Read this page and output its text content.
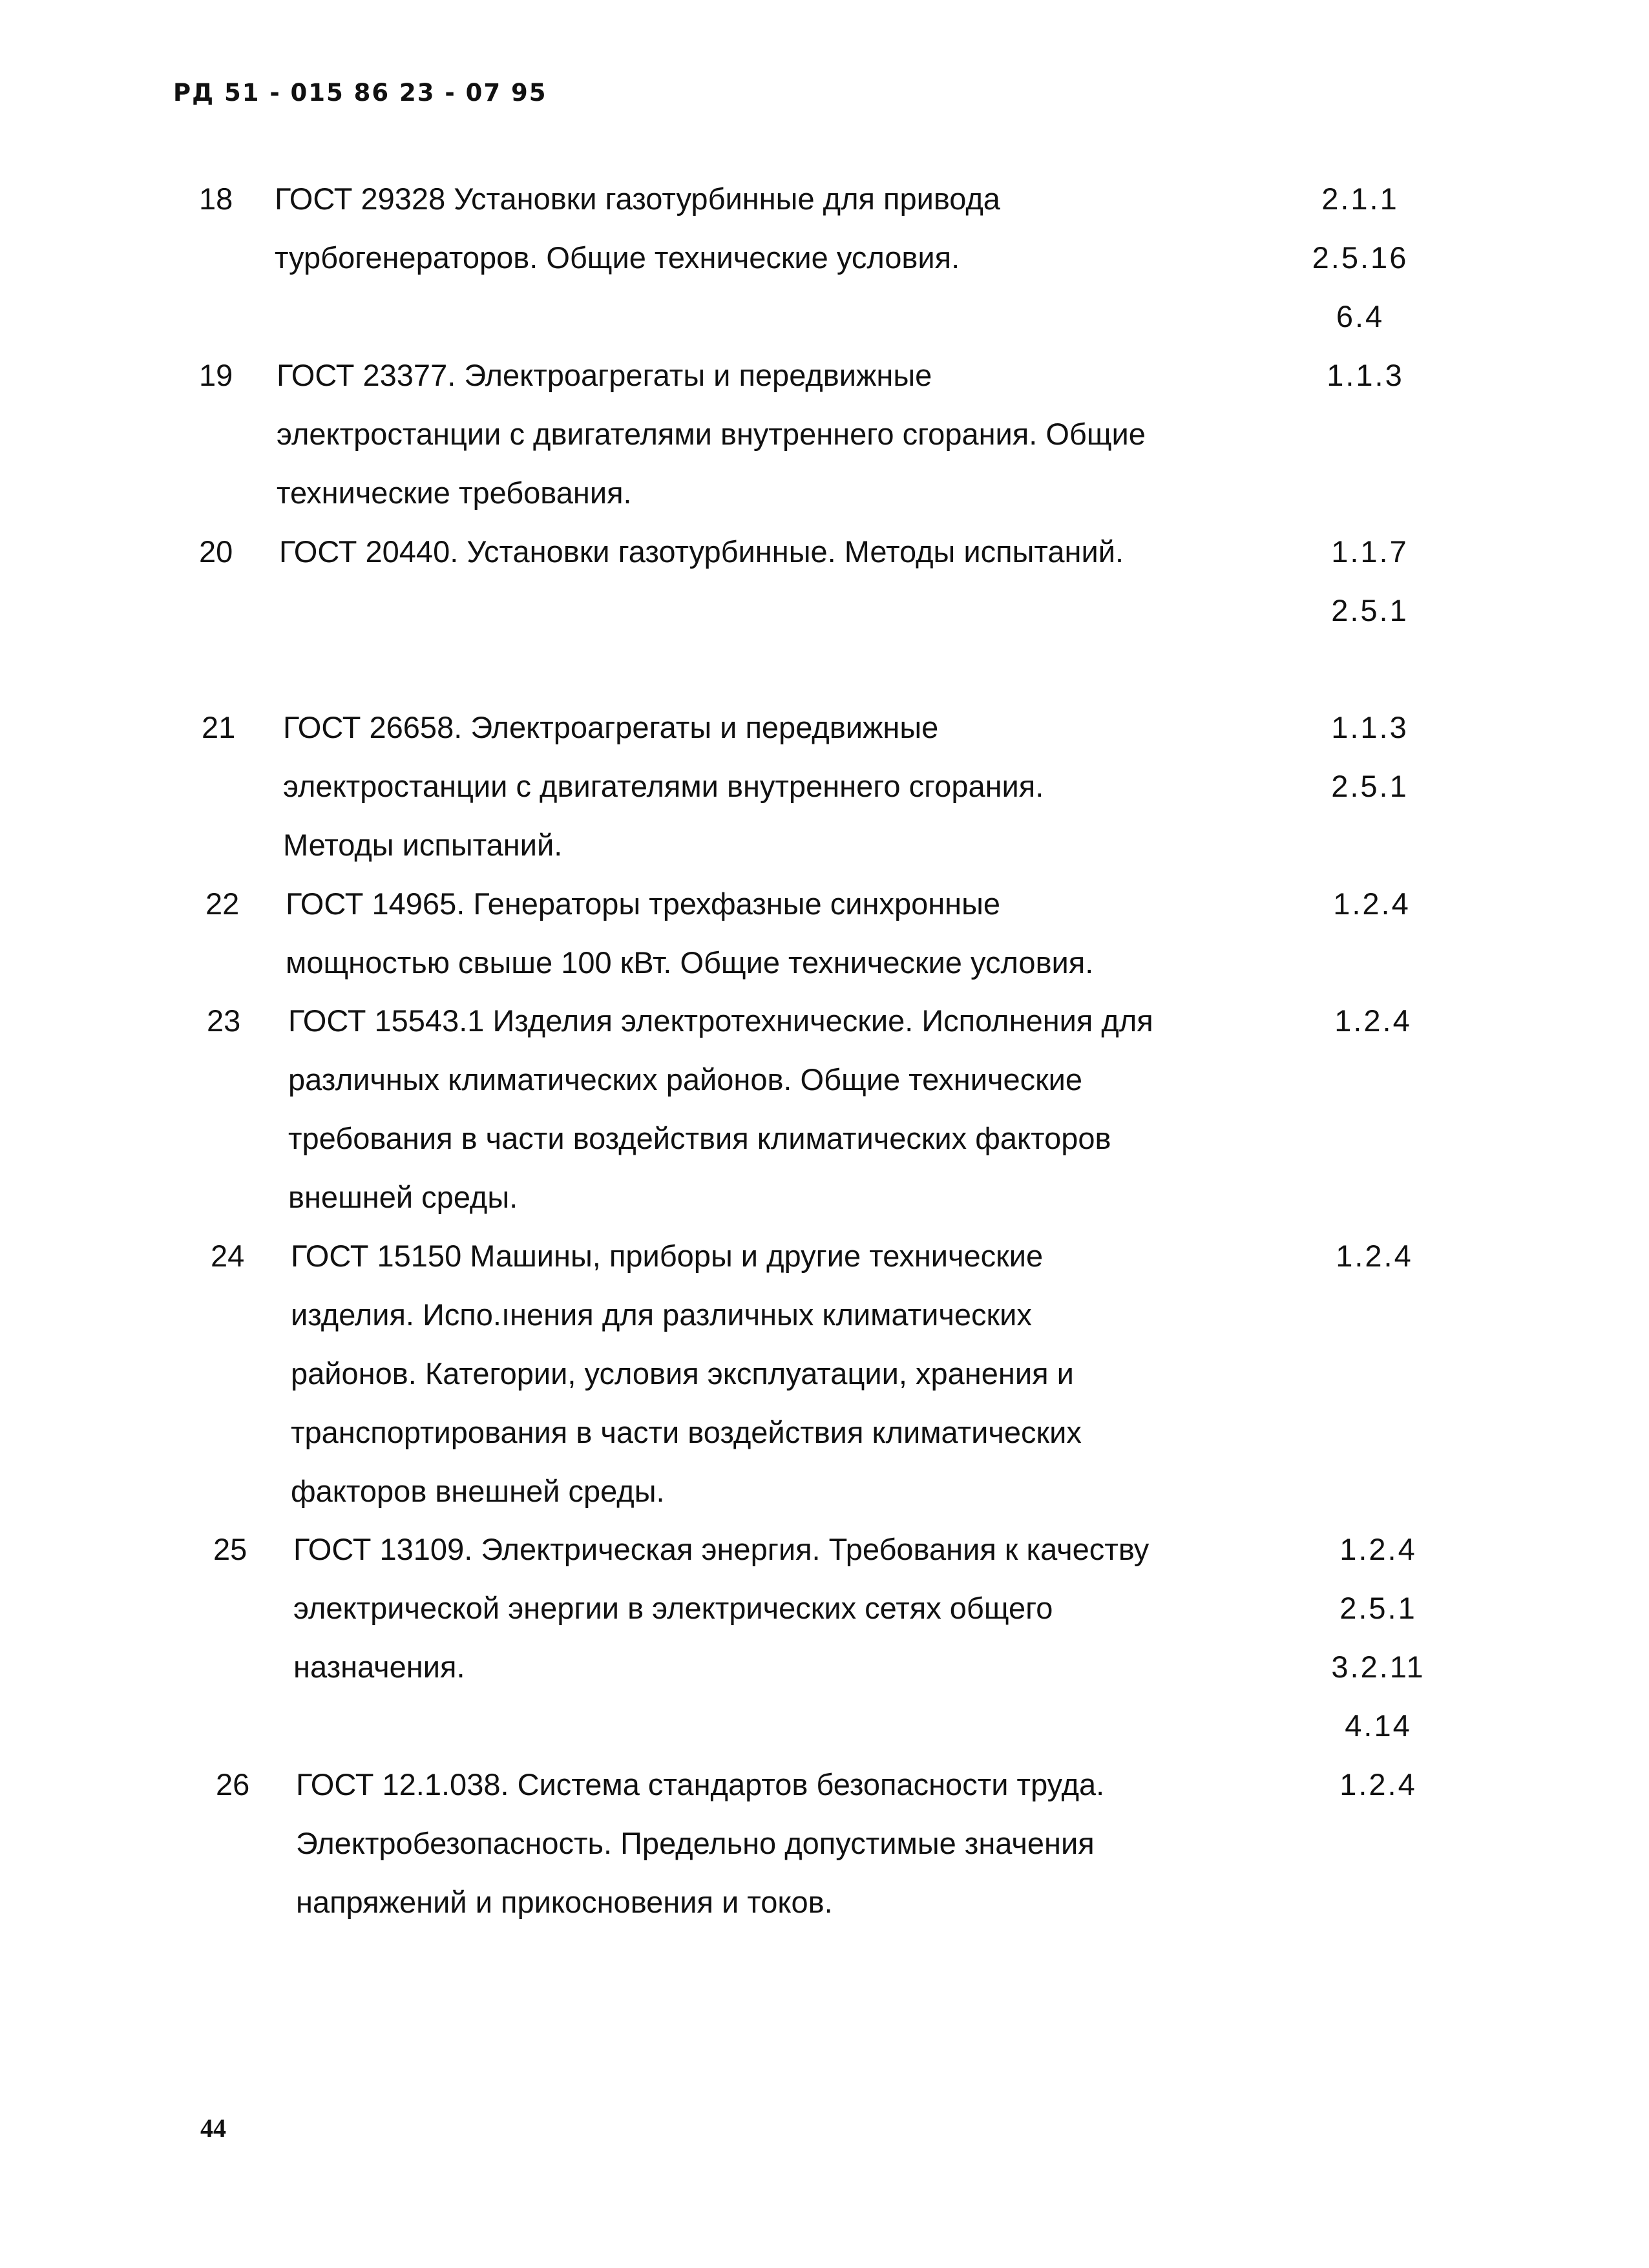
РД 51 - 015 86 23 - 07 95
18 ГОСТ 29328 Установки газотурбинные для привода
турбогенераторов. Общие технические условия.
2.1.1
2.5.16
6.4
19 ГОСТ 23377. Электроагрегаты и передвижные
электростанции с двигателями внутреннего сгорания. Общие
технические требования.
1.1.3
20 ГОСТ 20440. Установки газотурбинные. Методы испытаний.	1.1.7
2.5.1
21 ГОСТ 26658. Электроагрегаты и передвижные
электростанции с двигателями внутреннего сгорания.
Методы испытаний.
1.1.3
2.5.1
22 ГОСТ 14965. Генераторы трехфазные синхронные
мощностью свыше 100 кВт. Общие технические условия.
1.2.4
23 ГОСТ 15543.1 Изделия электротехнические. Исполнения для
различных климатических районов. Общие технические
требования в части воздействия климатических факторов
внешней среды.
1.2.4
24 ГОСТ 15150 Машины, приборы и другие технические
изделия. Испо.ıнения для различных климатических
районов. Категории, условия эксплуатации, хранения и
транспортирования в части воздействия климатических
факторов внешней среды.
1.2.4
25 ГОСТ 13109. Электрическая энергия. Требования к качеству
электрической энергии в электрических сетях общего
назначения.
1.2.4
2.5.1
3.2.11
4.14
26 ГОСТ 12.1.038. Система стандартов безопасности труда.
Электробезопасность. Предельно допустимые значения
напряжений и прикосновения и токов.
1.2.4
44
